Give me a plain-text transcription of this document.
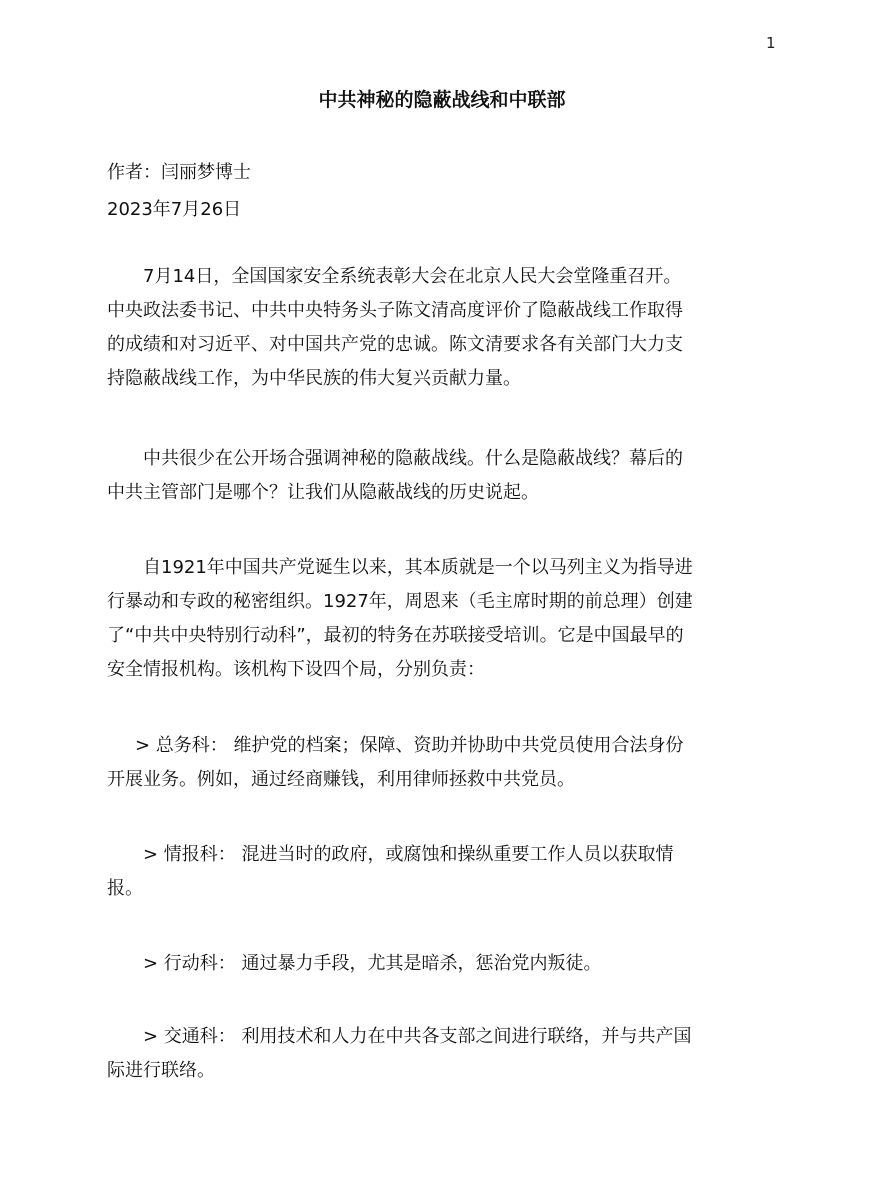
1
中共神秘的隐蔽战线和中联部
作者：闫丽梦博士
2023年7月26日
7月14日，全国国家安全系统表彰大会在北京人民大会堂隆重召开。
中央政法委书记、中共中央特务头子陈文清高度评价了隐蔽战线工作取得
的成绩和对习近平、对中国共产党的忠诚。陈文清要求各有关部门大力支
持隐蔽战线工作，为中华民族的伟大复兴贡献力量。
中共很少在公开场合强调神秘的隐蔽战线。什么是隐蔽战线？幕后的
中共主管部门是哪个？让我们从隐蔽战线的历史说起。
自1921年中国共产党诞生以来，其本质就是一个以马列主义为指导进
行暴动和专政的秘密组织。1927年，周恩来（毛主席时期的前总理）创建
了“中共中央特别行动科”，最初的特务在苏联接受培训。它是中国最早的
安全情报机构。该机构下设四个局，分别负责：
> 总务科： 维护党的档案；保障、资助并协助中共党员使用合法身份
开展业务。例如，通过经商赚钱，利用律师拯救中共党员。
> 情报科： 混进当时的政府，或腐蚀和操纵重要工作人员以获取情
报。
> 行动科： 通过暴力手段，尤其是暗杀，惩治党内叛徒。
> 交通科： 利用技术和人力在中共各支部之间进行联络，并与共产国
际进行联络。
